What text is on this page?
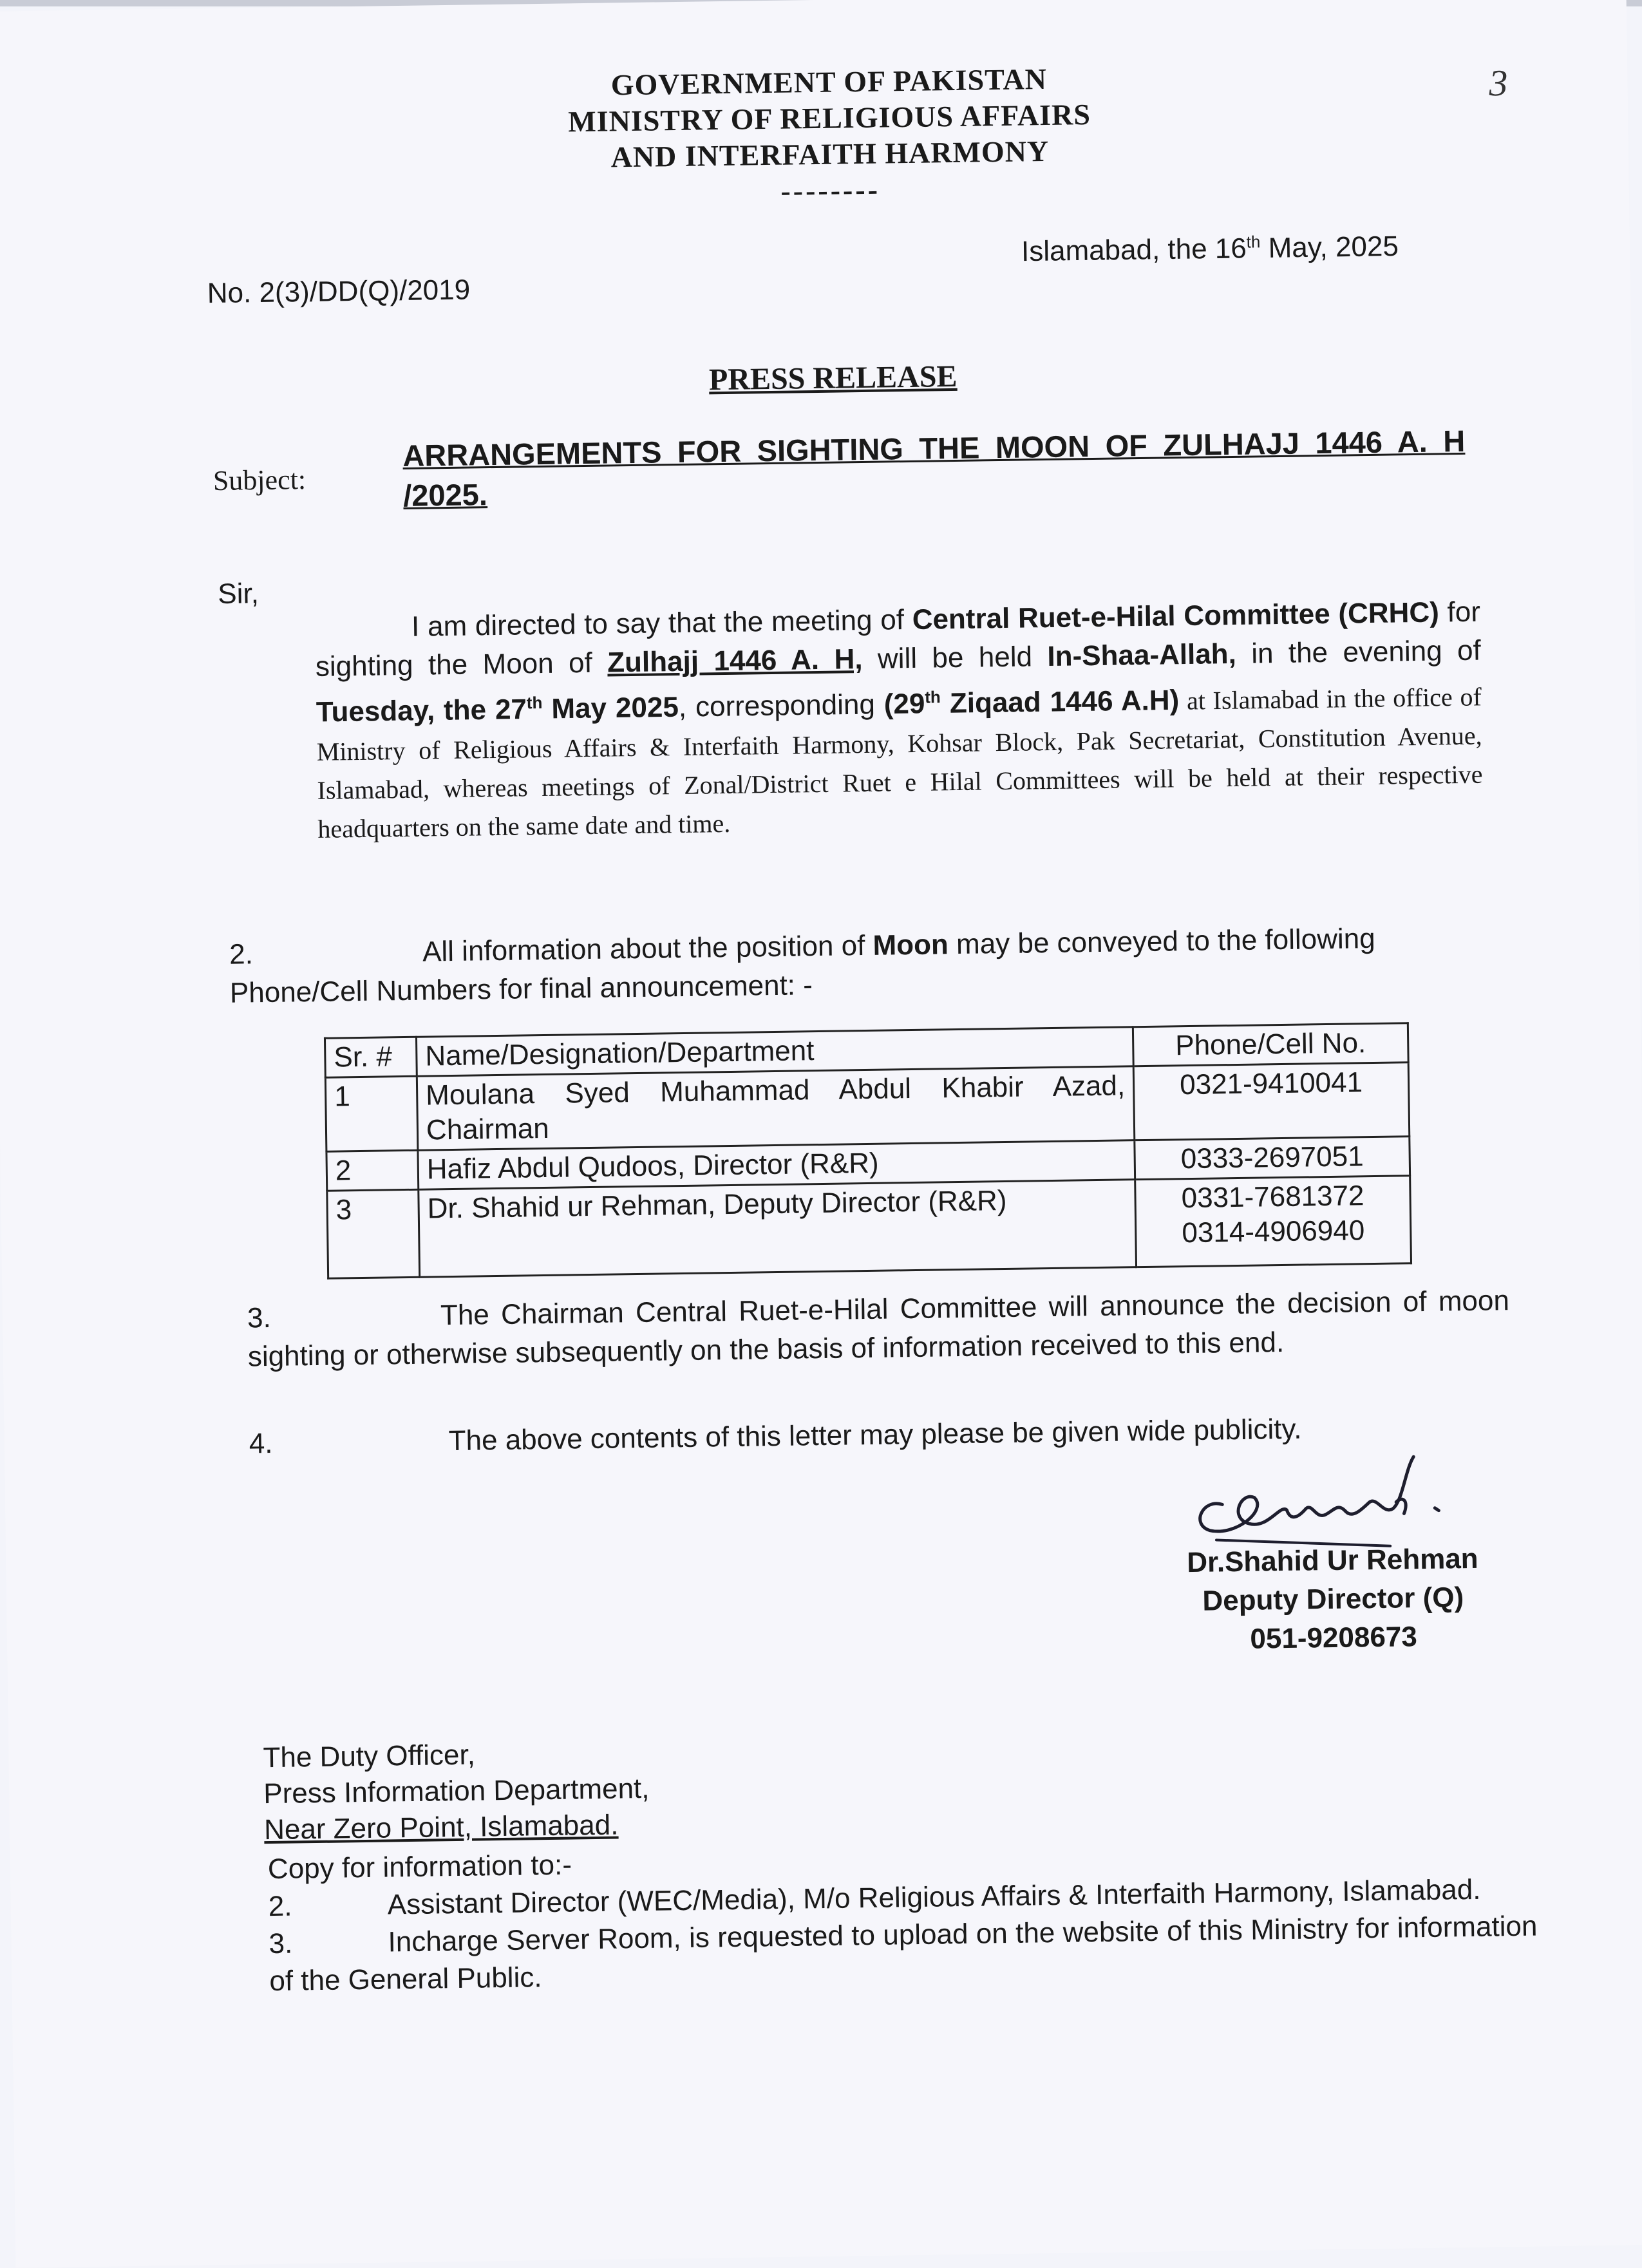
GOVERNMENT OF PAKISTAN
MINISTRY OF RELIGIOUS AFFAIRS
AND INTERFAITH HARMONY
--------
3
No. 2(3)/DD(Q)/2019
Islamabad, the 16th May, 2025
PRESS RELEASE
Subject:
ARRANGEMENTS FOR SIGHTING THE MOON OF ZULHAJJ 1446 A. H /2025.
Sir,
I am directed to say that the meeting of Central Ruet-e-Hilal Committee (CRHC) for sighting the Moon of Zulhajj 1446 A. H, will be held In-Shaa-Allah, in the evening of Tuesday, the 27th May 2025, corresponding (29th Ziqaad 1446 A.H) at Islamabad in the office of Ministry of Religious Affairs & Interfaith Harmony, Kohsar Block, Pak Secretariat, Constitution Avenue, Islamabad, whereas meetings of Zonal/District Ruet e Hilal Committees will be held at their respective headquarters on the same date and time.
2.	All information about the position of Moon may be conveyed to the following Phone/Cell Numbers for final announcement: -
Sr. #	Name/Designation/Department	Phone/Cell No.
1	Moulana Syed Muhammad Abdul Khabir Azad, Chairman	0321-9410041

2	Hafiz Abdul Qudoos, Director (R&R)	0333-2697051

3	Dr. Shahid ur Rehman, Deputy Director (R&R)	0331-7681372
0314-4906940
3.	The Chairman Central Ruet-e-Hilal Committee will announce the decision of moon sighting or otherwise subsequently on the basis of information received to this end.
4.	The above contents of this letter may please be given wide publicity.
Dr.Shahid Ur Rehman
Deputy Director (Q)
051-9208673
The Duty Officer,
Press Information Department,
Near Zero Point, Islamabad.
Copy for information to:-
2.	Assistant Director (WEC/Media), M/o Religious Affairs & Interfaith Harmony, Islamabad.
3.	Incharge Server Room, is requested to upload on the website of this Ministry for information of the General Public.
